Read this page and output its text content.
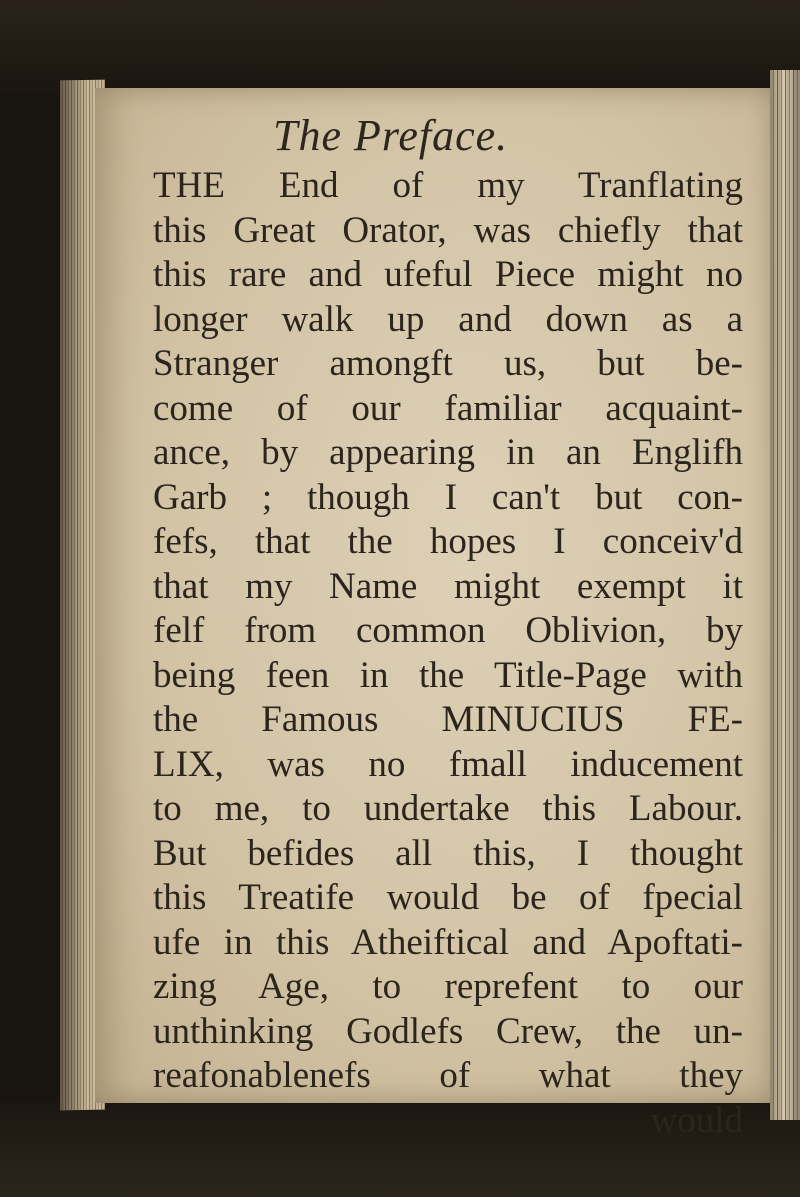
The Preface.
THE End of my Tranflating
this Great Orator, was chiefly that
this rare and ufeful Piece might no
longer walk up and down as a
Stranger amongft us, but be-
come of our familiar acquaint-
ance, by appearing in an Englifh
Garb ; though I can't but con-
fefs, that the hopes I conceiv'd
that my Name might exempt it
felf from common Oblivion, by
being feen in the Title-Page with
the Famous MINUCIUS FE-
LIX, was no fmall inducement
to me, to undertake this Labour.
But befides all this, I thought
this Treatife would be of fpecial
ufe in this Atheiftical and Apoftati-
zing Age, to reprefent to our
unthinking Godlefs Crew, the un-
reafonablenefs of what they
would
